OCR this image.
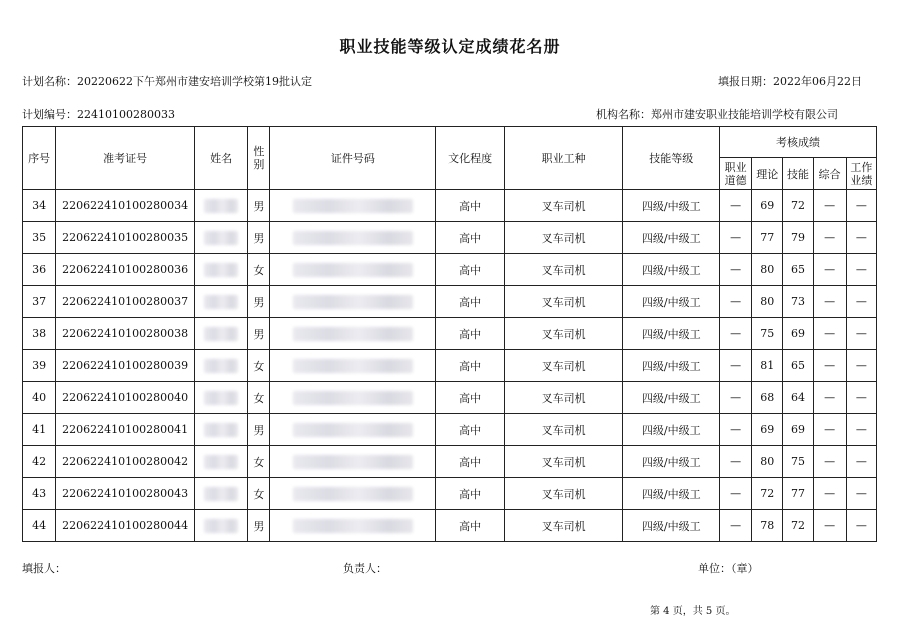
职业技能等级认定成绩花名册
计划名称：20220622下午郑州市建安培训学校第19批认定	填报日期：2022年06月22日
计划编号：22410100280033	机构名称：郑州市建安职业技能培训学校有限公司
序号	准考证号	姓名	性别	证件号码	文化程度	职业工种	技能等级	考核成绩				
								职业道德	理论	技能	综合	工作业绩
34	220622410100280034		男		高中	叉车司机	四级/中级工	—	69	72	—	—
35	220622410100280035		男		高中	叉车司机	四级/中级工	—	77	79	—	—
36	220622410100280036		女		高中	叉车司机	四级/中级工	—	80	65	—	—
37	220622410100280037		男		高中	叉车司机	四级/中级工	—	80	73	—	—
38	220622410100280038		男		高中	叉车司机	四级/中级工	—	75	69	—	—
39	220622410100280039		女		高中	叉车司机	四级/中级工	—	81	65	—	—
40	220622410100280040		女		高中	叉车司机	四级/中级工	—	68	64	—	—
41	220622410100280041		男		高中	叉车司机	四级/中级工	—	69	69	—	—
42	220622410100280042		女		高中	叉车司机	四级/中级工	—	80	75	—	—
43	220622410100280043		女		高中	叉车司机	四级/中级工	—	72	77	—	—
44	220622410100280044		男		高中	叉车司机	四级/中级工	—	78	72	—	—
填报人：	负责人：	单位：（章）
第 4 页，共 5 页。
